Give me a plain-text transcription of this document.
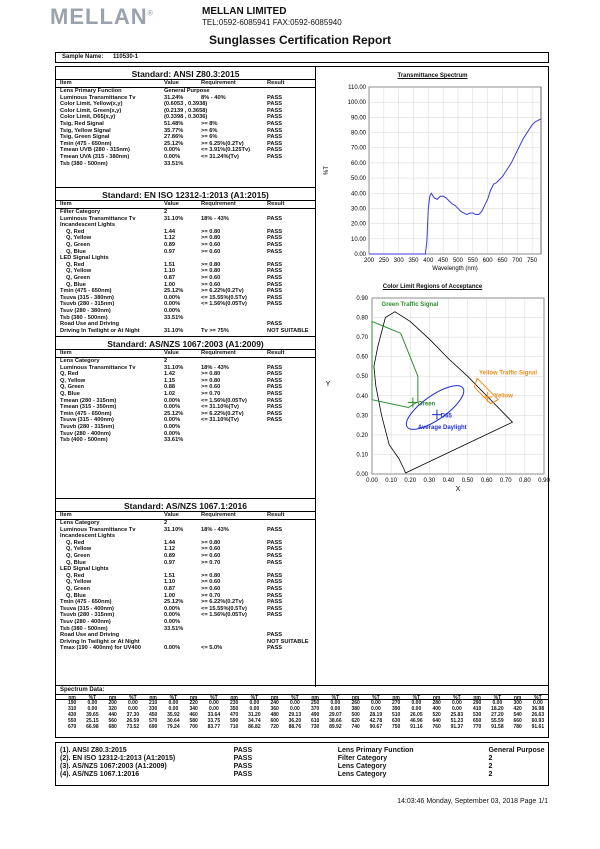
MELLAN®	MELLAN LIMITED
TEL:0592-6085941 FAX:0592-6085940
Sunglasses Certification Report
Sample Name: 110530-1
Standard: ANSI Z80.3:2015
Item	Value	Requirement	Result
Lens Primary Function	General Purpose
Luminous Transmittance Tv	31.24%	8% - 40%	PASS
Color Limit, Yellow(x,y)	(0.6053 , 0.3938)	PASS
Color Limit, Green(x,y)	(0.2139 , 0.3658)	PASS
Color Limit, D65(x,y)	(0.3398 , 0.3036)	PASS
Tsig, Red Signal	51.48%	>= 8%	PASS
Tsig, Yellow Signal	35.77%	>= 6%	PASS
Tsig, Green Signal	27.86%	>= 6%	PASS
Tmin (475 - 650nm)	25.12%	>= 6.25%(0.2Tv)	PASS
Tmean UVB (280 - 315nm)	0.00%	<= 3.91%(0.125Tv)	PASS
Tmean UVA (315 - 380nm)	0.00%	<= 31.24%(Tv)	PASS
Tsb (380 - 500nm)	33.51%
Standard: EN ISO 12312-1:2013 (A1:2015)
Item	Value	Requirement	Result
Filter Category	2
Luminous Transmittance Tv	31.10%	18% - 43%	PASS
Incandescent Lights
Q, Red	1.44	>= 0.80	PASS
Q, Yellow	1.12	>= 0.80	PASS
Q, Green	0.89	>= 0.60	PASS
Q, Blue	0.97	>= 0.60	PASS
LED Signal Lights
Q, Red	1.51	>= 0.80	PASS
Q, Yellow	1.10	>= 0.80	PASS
Q, Green	0.87	>= 0.60	PASS
Q, Blue	1.00	>= 0.60	PASS
Tmin (475 - 650nm)	25.12%	>= 6.22%(0.2Tv)	PASS
Tsuva (315 - 380nm)	0.00%	<= 15.55%(0.5Tv)	PASS
Tsuvb (280 - 315nm)	0.00%	<= 1.56%(0.05Tv)	PASS
Tsuv (280 - 380nm)	0.00%
Tsb (380 - 500nm)	33.51%
Road Use and Driving	PASS
Driving In Twilight or At Night	31.10%	Tv >= 75%	NOT SUITABLE
Standard: AS/NZS 1067:2003 (A1:2009)
Item	Value	Requirement	Result
Lens Category	2
Luminous Transmittance Tv	31.10%	18% - 43%	PASS
Q, Red	1.42	>= 0.80	PASS
Q, Yellow	1.15	>= 0.80	PASS
Q, Green	0.88	>= 0.60	PASS
Q, Blue	1.02	>= 0.70	PASS
Tmean (280 - 315nm)	0.00%	<= 1.56%(0.05Tv)	PASS
Tmean (315 - 350nm)	0.00%	<= 31.10%(Tv)	PASS
Tmin (475 - 650nm)	25.12%	>= 6.22%(0.2Tv)	PASS
Tsuva (315 - 400nm)	0.00%	<= 31.10%(Tv)	PASS
Tsuvb (280 - 315nm)	0.00%
Tsuv (280 - 400nm)	0.00%
Tsb (400 - 500nm)	33.61%
Standard: AS/NZS 1067.1:2016
Item	Value	Requirement	Result
Lens Category	2
Luminous Transmittance Tv	31.10%	18% - 43%	PASS
Incandescent Lights
Q, Red	1.44	>= 0.80	PASS
Q, Yellow	1.12	>= 0.60	PASS
Q, Green	0.89	>= 0.60	PASS
Q, Blue	0.97	>= 0.70	PASS
LED Signal Lights
Q, Red	1.51	>= 0.80	PASS
Q, Yellow	1.10	>= 0.60	PASS
Q, Green	0.87	>= 0.60	PASS
Q, Blue	1.00	>= 0.70	PASS
Tmin (475 - 650nm)	25.12%	>= 6.22%(0.2Tv)	PASS
Tsuva (315 - 400nm)	0.00%	<= 15.55%(0.5Tv)	PASS
Tsuvb (280 - 315nm)	0.00%	<= 1.56%(0.05Tv)	PASS
Tsuv (280 - 400nm)	0.00%
Tsb (380 - 500nm)	33.51%
Road Use and Driving	PASS
Driving In Twilight or At Night	NOT SUITABLE
Tmax (190 - 400nm) for UV400	0.00%	<= 5.0%	PASS
Transmittance Spectrum
0.00
10.00
20.00
30.00
40.00
50.00
60.00
70.00
80.00
90.00
100.00
110.00
200 250 300 350 400 450 500 550 600 650 700 750
%T
Wavelength (nm)
Color Limit Regions of Acceptance
0.00
0.10
0.20
0.30
0.40
0.50
0.60
0.70
0.80
0.90
0.00 0.10 0.20 0.30 0.40 0.50 0.60 0.70 0.80 0.90
Green Traffic Signal
Yellow Traffic Signal
Yellow
Green
D65
Average Daylight
Y
X
Spectrum Data:
nm	%T	nm	%T	nm	%T	nm	%T	nm	%T	nm	%T	nm	%T	nm	%T	nm	%T	nm	%T	nm	%T	nm	%T
190	0.00	200	0.00	210	0.00	220	0.00	230	0.00	240	0.00	250	0.00	260	0.00	270	0.00	280	0.00	290	0.00	300	0.00
310	0.00	320	0.00	330	0.00	340	0.00	350	0.00	360	0.00	370	0.00	380	0.00	390	0.00	400	0.00	410	18.20	420	36.98
430	39.65	440	37.30	450	35.92	460	33.64	470	31.20	480	29.13	490	29.07	500	28.19	510	26.05	520	25.83	530	27.20	540	26.63
550	25.15	560	26.59	570	30.64	580	33.75	590	34.74	600	36.20	610	38.66	620	42.78	630	46.96	640	51.23	650	55.59	660	60.93
670	66.98	680	73.52	690	79.24	700	83.77	710	86.82	720	88.76	730	89.92	740	90.67	750	91.16	760	91.37	770	91.58	780	91.61
(1). ANSI Z80.3:2015	PASS	Lens Primary Function	General Purpose
(2). EN ISO 12312-1:2013 (A1:2015)	PASS	Filter Category	2
(3). AS/NZS 1067:2003 (A1:2009)	PASS	Lens Category	2
(4). AS/NZS 1067.1:2016	PASS	Lens Category	2
14:03:46 Monday, September 03, 2018 Page 1/1
